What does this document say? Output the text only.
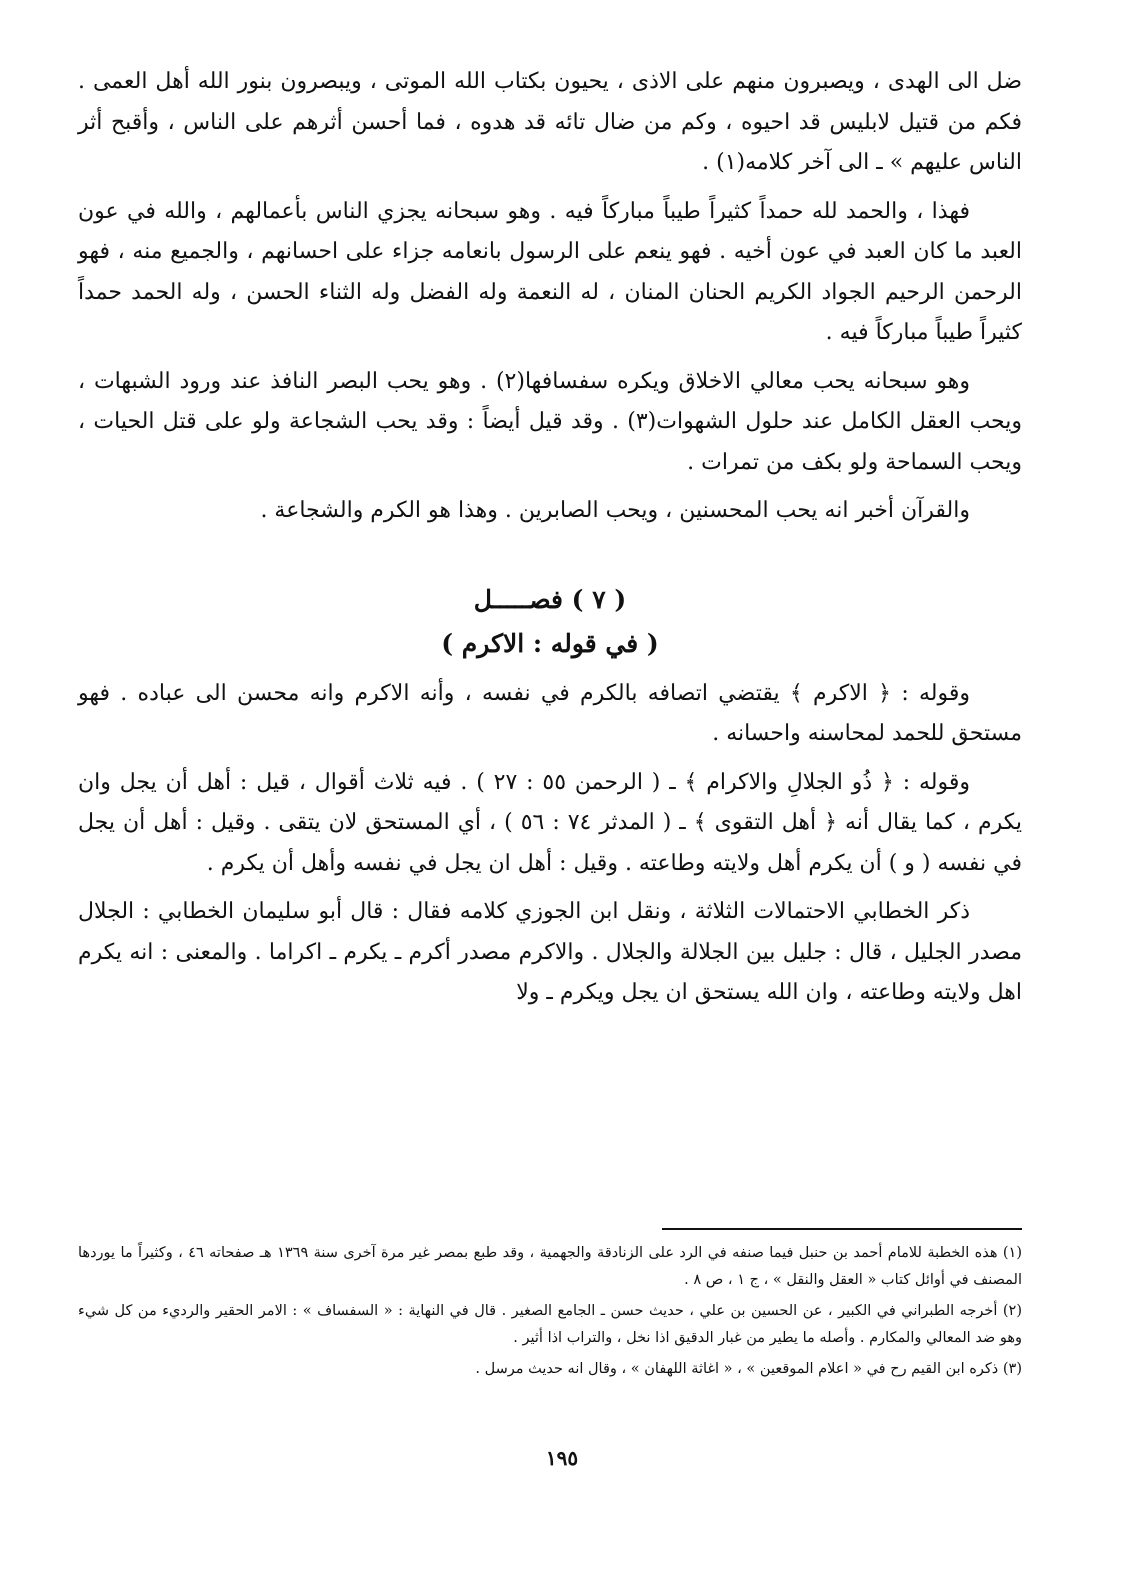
ضل الى الهدى ، ويصبرون منهم على الاذى ، يحيون بكتاب الله الموتى ، ويبصرون بنور الله أهل العمى . فكم من قتيل لابليس قد احيوه ، وكم من ضال تائه قد هدوه ، فما أحسن أثرهم على الناس ، وأقبح أثر الناس عليهم » ـ الى آخر كلامه(١) .

فهذا ، والحمد لله حمداً كثيراً طيباً مباركاً فيه . وهو سبحانه يجزي الناس بأعمالهم ، والله في عون العبد ما كان العبد في عون أخيه . فهو ينعم على الرسول بانعامه جزاء على احسانهم ، والجميع منه ، فهو الرحمن الرحيم الجواد الكريم الحنان المنان ، له النعمة وله الفضل وله الثناء الحسن ، وله الحمد حمداً كثيراً طيباً مباركاً فيه .

وهو سبحانه يحب معالي الاخلاق ويكره سفسافها(٢) . وهو يحب البصر النافذ عند ورود الشبهات ، ويحب العقل الكامل عند حلول الشهوات(٣) . وقد قيل أيضاً : وقد يحب الشجاعة ولو على قتل الحيات ، ويحب السماحة ولو بكف من تمرات .

والقرآن أخبر انه يحب المحسنين ، ويحب الصابرين . وهذا هو الكرم والشجاعة .

( ٧ ) فصـــــل
( في قوله : الاكرم )

وقوله : ﴿ الاكرم ﴾ يقتضي اتصافه بالكرم في نفسه ، وأنه الاكرم وانه محسن الى عباده . فهو مستحق للحمد لمحاسنه واحسانه .

وقوله : ﴿ ذُو الجلالِ والاكرام ﴾ ـ ( الرحمن ٥٥ : ٢٧ ) . فيه ثلاث أقوال ، قيل : أهل أن يجل وان يكرم ، كما يقال أنه ﴿ أهل التقوى ﴾ ـ ( المدثر ٧٤ : ٥٦ ) ، أي المستحق لان يتقى . وقيل : أهل أن يجل في نفسه ( و ) أن يكرم أهل ولايته وطاعته . وقيل : أهل ان يجل في نفسه وأهل أن يكرم .

ذكر الخطابي الاحتمالات الثلاثة ، ونقل ابن الجوزي كلامه فقال : قال أبو سليمان الخطابي : الجلال مصدر الجليل ، قال : جليل بين الجلالة والجلال . والاكرم مصدر أكرم ـ يكرم ـ اكراما . والمعنى : انه يكرم اهل ولايته وطاعته ، وان الله يستحق ان يجل ويكرم ـ ولا

(١) هذه الخطبة للامام أحمد بن حنبل فيما صنفه في الرد على الزنادقة والجهمية ، وقد طبع بمصر غير مرة آخرى سنة ١٣٦٩ هـ صفحاته ٤٦ ، وكثيراً ما يوردها المصنف في أوائل كتاب « العقل والنقل » ، ج ١ ، ص ٨ .

(٢) أخرجه الطبراني في الكبير ، عن الحسين بن علي ، حديث حسن ـ الجامع الصغير . قال في النهاية : « السفساف » : الامر الحقير والرديء من كل شيء وهو ضد المعالي والمكارم . وأصله ما يطير من غبار الدقيق اذا نخل ، والتراب اذا أثير .

(٣) ذكره ابن القيم رح في « اعلام الموقعين » ، « اغاثة اللهفان » ، وقال انه حديث مرسل .

١٩٥
